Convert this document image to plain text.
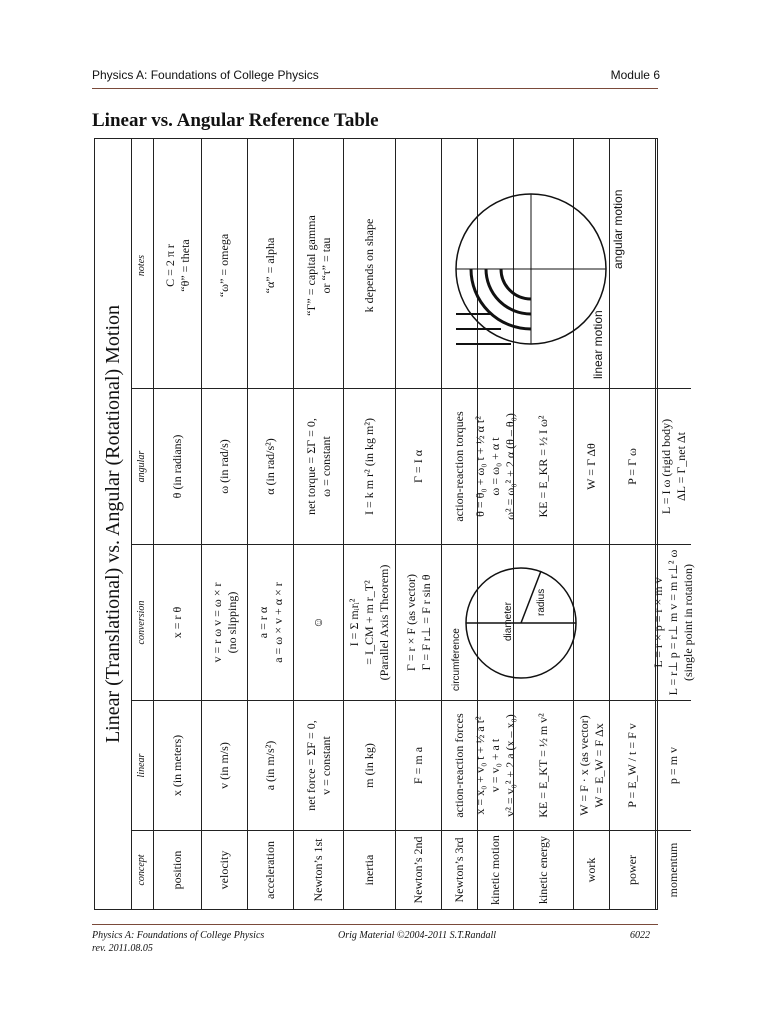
Physics A: Foundations of College Physics	Module 6
Linear vs. Angular Reference Table
Linear (Translational) vs. Angular (Rotational) Motion
concept
linear
conversion
angular
notes
position
x (in meters)
x = r θ
θ (in radians)
C = 2 π r
“θ” = theta
velocity
v (in m/s)
v = r ω v = ω × r
(no slipping)
ω (in rad/s)
“ω” = omega
acceleration
a (in m/s²)
a = r α
a = ω × v + α × r
α (in rad/s²)
“α” = alpha
Newton’s 1st
net force = ΣF = 0,
v = constant
☺
net torque = ΣΓ = 0,
ω = constant
“Γ” = capital gamma
or “τ” = tau
inertia
m (in kg)
I = Σ mᵢrᵢ²
= I_CM + m r_T²
(Parallel Axis Theorem)
I = k m r² (in kg m²)
k depends on shape
Newton’s 2nd
F = m a
Γ = r × F (as vector)
Γ = F r⊥ = F r sin θ
Γ = I α
Newton’s 3rd
action-reaction forces
action-reaction torques
kinetic motion
x = x₀ + v₀ t + ½ a t²
v = v₀ + a t
v² = v₀² + 2 a (x – x₀)
θ = θ₀ + ω₀ t + ½ α t²
ω = ω₀ + α t
ω² = ω₀² + 2 α (θ – θ₀)
kinetic energy
KE = E_KT = ½ m v²
KE = E_KR = ½ I ω²
work
W = F · x (as vector)
W = E_W = F Δx
W = Γ Δθ
power
P = E_W / t = F v
P = Γ ω
momentum
p = m v
L = r × p = r × m v
L = r⊥ p = r⊥ m v = m r⊥² ω
(single point in rotation)
L = I ω (rigid body)
ΔL = Γ_net Δt
circumference
radius
diameter
linear motion
angular motion
Physics A: Foundations of College Physics
rev. 2011.08.05
Orig Material ©2004-2011 S.T.Randall	6022
